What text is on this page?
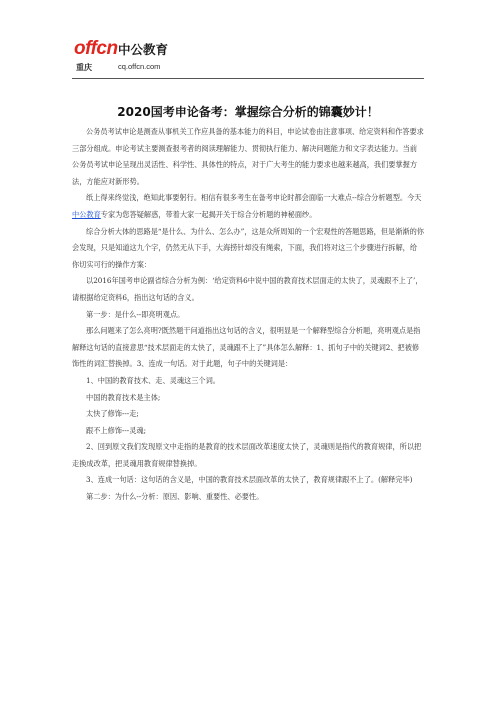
offcn 中公教育
重庆	cq.offcn.com
2020国考申论备考：掌握综合分析的锦囊妙计！

公务员考试申论是测查从事机关工作应具备的基本能力的科目，申论试卷由注意事项、给定资料和作答要求三部分组成。申论考试主要测查报考者的阅读理解能力、贯彻执行能力、解决问题能力和文字表达能力。当前公务员考试申论呈现出灵活性、科学性、具体性的特点，对于广大考生的能力要求也越来越高，我们要掌握方法，方能应对新形势。

纸上得来终觉浅，绝知此事要躬行。相信有很多考生在备考申论时都会面临一大难点--综合分析题型。今天中公教育专家为您答疑解惑，带着大家一起揭开关于综合分析题的神秘面纱。

综合分析大体的思路是“是什么、为什么、怎么办”，这是众所周知的一个宏观性的答题思路，但是渐渐的你会发现，只是知道这九个字，仍然无从下手，大海捞针却没有绳索，下面，我们将对这三个步骤进行拆解，给你切实可行的操作方案：

以2016年国考申论副省综合分析为例：‘给定资料6中说中国的教育技术层面走的太快了，灵魂跟不上了’，请根据给定资料6，指出这句话的含义。

第一步：是什么--即亮明观点。

那么问题来了怎么亮明?既然题干问道指出这句话的含义，很明显是一个解释型综合分析题，亮明观点是指解释这句话的直接意思“技术层面走的太快了，灵魂跟不上了”具体怎么解释：1、抓句子中的关键词2、把被修饰性的词汇替换掉。3、连成一句话。对于此题，句子中的关键词是：

1、中国的教育技术、走、灵魂这三个词。

中国的教育技术是主体;

太快了修饰---走;

跟不上修饰---灵魂;

2、回到原文我们发现原文中走指的是教育的技术层面改革速度太快了，灵魂则是指代的教育规律，所以把走换成改革，把灵魂用教育规律替换掉。

3、连成一句话：这句话的含义是，中国的教育技术层面改革的太快了，教育规律跟不上了。(解释完毕)

第二步：为什么--分析：原因、影响、重要性、必要性。
